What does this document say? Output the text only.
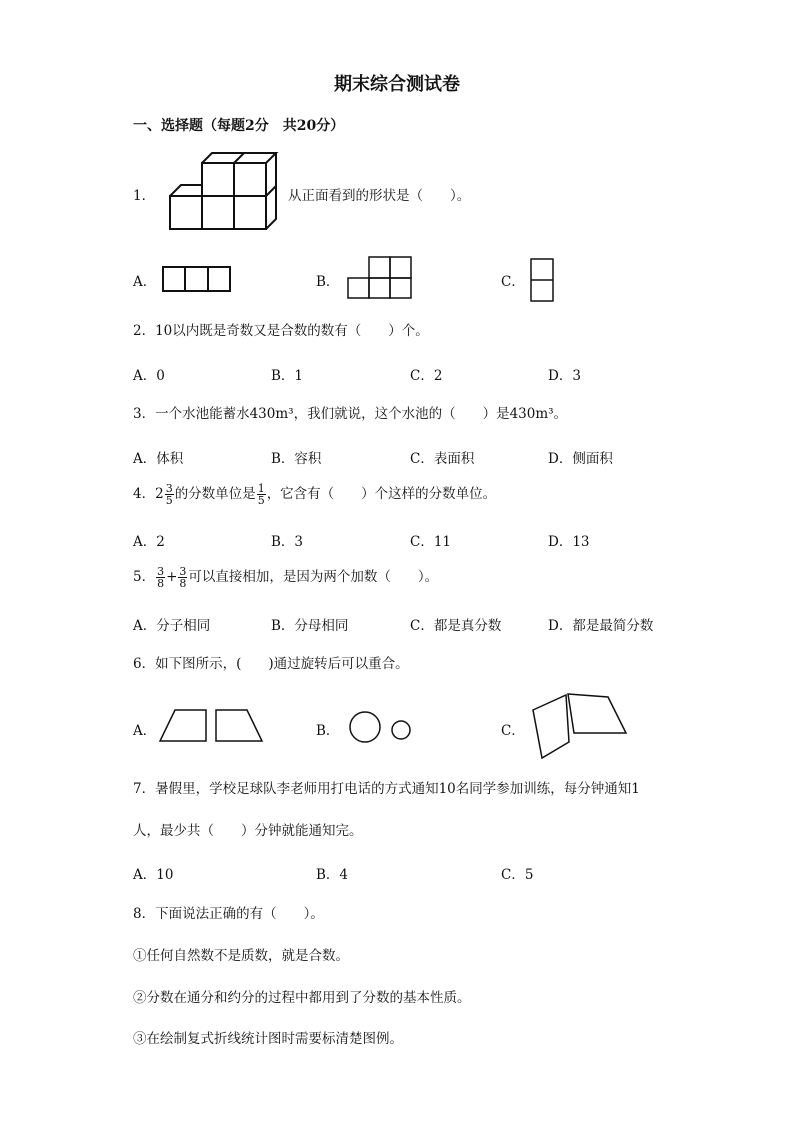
期末综合测试卷
一、选择题（每题2分　共20分）
1．	从正面看到的形状是（　　）。
A．	B．	C．
2．10以内既是奇数又是合数的数有（　　）个。
A．0	B．1	C．2	D．3
3．一个水池能蓄水430m³，我们就说，这个水池的（　　）是430m³。
A．体积	B．容积	C．表面积	D．侧面积
4．$2 \frac{3}{5}$ 的分数单位是 $\frac{1}{5}$ ，它含有（　　）个这样的分数单位。
A．2	B．3	C．11	D．13
5． $\frac{3}{8} + \frac{3}{8}$ 可以直接相加，是因为两个加数（　　）。
A．分子相同	B．分母相同	C．都是真分数	D．都是最简分数
6．如下图所示，(　　)通过旋转后可以重合。
A．	B．	C．
7．暑假里，学校足球队李老师用打电话的方式通知10名同学参加训练，每分钟通知1
人，最少共（　　）分钟就能通知完。
A．10	B．4	C．5
8．下面说法正确的有（　　）。
①任何自然数不是质数，就是合数。
②分数在通分和约分的过程中都用到了分数的基本性质。
③在绘制复式折线统计图时需要标清楚图例。
